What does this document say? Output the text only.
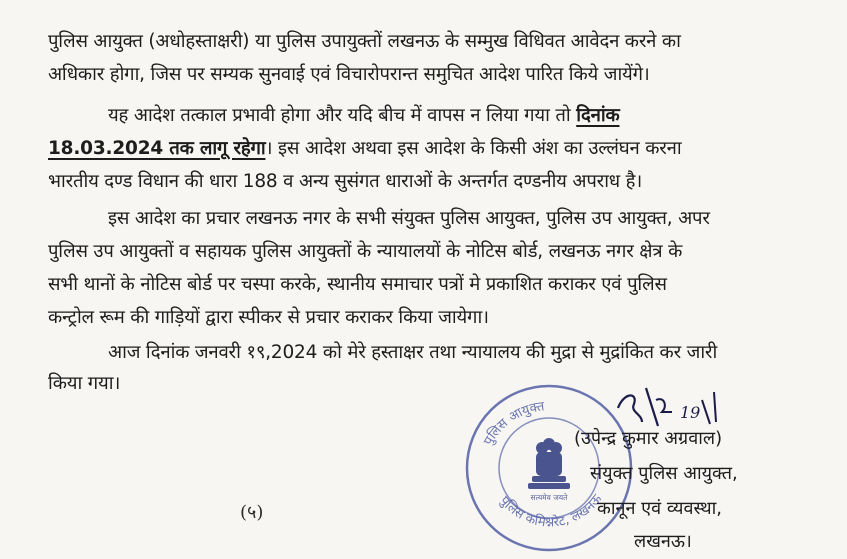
पुलिस आयुक्त (अधोहस्ताक्षरी) या पुलिस उपायुक्तों लखनऊ के सम्मुख विधिवत आवेदन करने का
अधिकार होगा, जिस पर सम्यक सुनवाई एवं विचारोपरान्त समुचित आदेश पारित किये जायेंगे।
यह आदेश तत्काल प्रभावी होगा और यदि बीच में वापस न लिया गया तो दिनांक
18.03.2024 तक लागू रहेगा। इस आदेश अथवा इस आदेश के किसी अंश का उल्लंघन करना
भारतीय दण्ड विधान की धारा 188 व अन्य सुसंगत धाराओं के अन्तर्गत दण्डनीय अपराध है।
इस आदेश का प्रचार लखनऊ नगर के सभी संयुक्त पुलिस आयुक्त, पुलिस उप आयुक्त, अपर
पुलिस उप आयुक्तों व सहायक पुलिस आयुक्तों के न्यायालयों के नोटिस बोर्ड, लखनऊ नगर क्षेत्र के
सभी थानों के नोटिस बोर्ड पर चस्पा करके, स्थानीय समाचार पत्रों मे प्रकाशित कराकर एवं पुलिस
कन्ट्रोल रूम की गाड़ियों द्वारा स्पीकर से प्रचार कराकर किया जायेगा।
आज दिनांक जनवरी १९,2024 को मेरे हस्ताक्षर तथा न्यायालय की मुद्रा से मुद्रांकित कर जारी
किया गया।
पुलिस आयुक्त
पुलिस कमिश्नरेट, लखनऊ
सत्यमेव जयते
19
(उपेन्द्र कुमार अग्रवाल)
संयुक्त पुलिस आयुक्त,
कानून एवं व्यवस्था,
लखनऊ।
(५)
